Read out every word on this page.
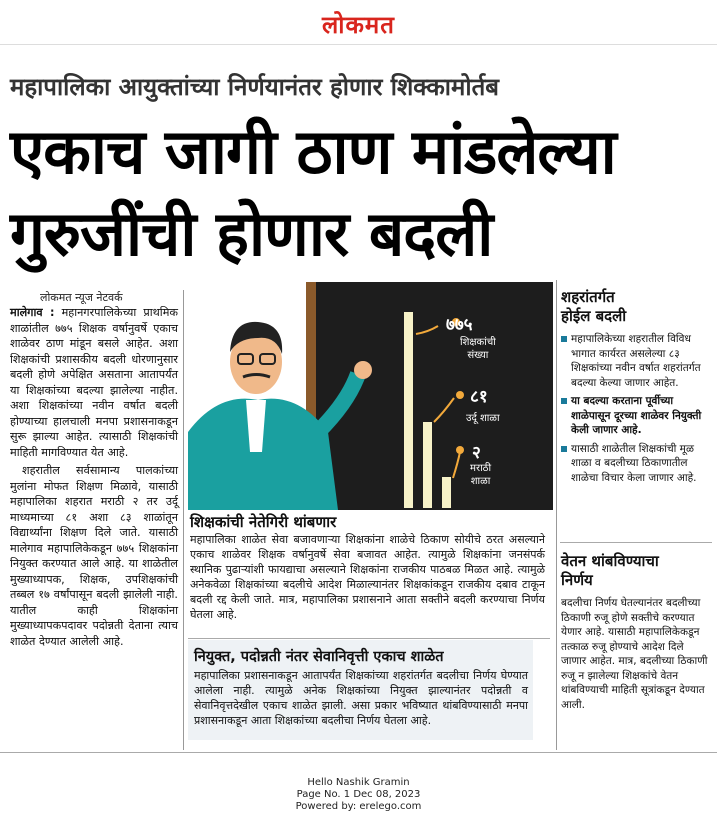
लोकमत
महापालिका आयुक्तांच्या निर्णयानंतर होणार शिक्कामोर्तब
एकाच जागी ठाण मांडलेल्या
गुरुजींची होणार बदली
लोकमत न्यूज नेटवर्क

मालेगाव : महानगरपालिकेच्या प्राथमिक शाळांतील ७७५ शिक्षक वर्षानुवर्षे एकाच शाळेवर ठाण मांडून बसले आहेत. अशा शिक्षकांची प्रशासकीय बदली धोरणानुसार बदली होणे अपेक्षित असताना आतापर्यंत या शिक्षकांच्या बदल्या झालेल्या नाहीत. अशा शिक्षकांच्या नवीन वर्षात बदली होण्याच्या हालचाली मनपा प्रशासनाकडून सुरू झाल्या आहेत. त्यासाठी शिक्षकांची माहिती मागविण्यात येत आहे.

शहरातील सर्वसामान्य पालकांच्या मुलांना मोफत शिक्षण मिळावे, यासाठी महापालिका शहरात मराठी २ तर उर्दू माध्यमाच्या ८१ अशा ८३ शाळांतून विद्यार्थ्यांना शिक्षण दिले जाते. यासाठी मालेगाव महापालिकेकडून ७७५ शिक्षकांना नियुक्त करण्यात आले आहे. या शाळेतील मुख्याध्यापक, शिक्षक, उपशिक्षकांची तब्बल १७ वर्षांपासून बदली झालेली नाही. यातील काही शिक्षकांना मुख्याध्यापकपदावर पदोन्नती देताना त्याच शाळेत देण्यात आलेली आहे.

७७५
शिक्षकांची
संख्या
८१
उर्दू शाळा
२
मराठी
शाळा
शिक्षकांची नेतेगिरी थांबणार
महापालिका शाळेत सेवा बजावणाऱ्या शिक्षकांना शाळेचे ठिकाण सोयीचे ठरत असल्याने एकाच शाळेवर शिक्षक वर्षानुवर्षे सेवा बजावत आहेत. त्यामुळे शिक्षकांना जनसंपर्क स्थानिक पुढाऱ्यांशी फायद्याचा असल्याने शिक्षकांना राजकीय पाठबळ मिळत आहे. त्यामुळे अनेकवेळा शिक्षकांच्या बदलीचे आदेश मिळाल्यानंतर शिक्षकांकडून राजकीय दबाव टाकून बदली रद्द केली जाते. मात्र, महापालिका प्रशासनाने आता सक्तीने बदली करण्याचा निर्णय घेतला आहे.
नियुक्त, पदोन्नती नंतर सेवानिवृत्ती एकाच शाळेत
महापालिका प्रशासनाकडून आतापर्यंत शिक्षकांच्या शहरांतर्गत बदलीचा निर्णय घेण्यात आलेला नाही. त्यामुळे अनेक शिक्षकांच्या नियुक्त झाल्यानंतर पदोन्नती व सेवानिवृत्तदेखील एकाच शाळेत झाली. असा प्रकार भविष्यात थांबविण्यासाठी मनपा प्रशासनाकडून आता शिक्षकांच्या बदलीचा निर्णय घेतला आहे.
शहरांतर्गत
होईल बदली
महापालिकेच्या शहरातील विविध भागात कार्यरत असलेल्या ८३ शिक्षकांच्या नवीन वर्षात शहरांतर्गत बदल्या केल्या जाणार आहेत.
या बदल्या करताना पूर्वीच्या शाळेपासून दूरच्या शाळेवर नियुक्ती केली जाणार आहे.
यासाठी शाळेतील शिक्षकांची मूळ शाळा व बदलीच्या ठिकाणातील शाळेचा विचार केला जाणार आहे.
वेतन थांबविण्याचा
निर्णय
बदलीचा निर्णय घेतल्यानंतर बदलीच्या ठिकाणी रुजू होणे सक्तीचे करण्यात येणार आहे. यासाठी महापालिकेकडून तत्काळ रुजू होण्याचे आदेश दिले जाणार आहेत. मात्र, बदलीच्या ठिकाणी रुजू न झालेल्या शिक्षकांचे वेतन थांबविण्याची माहिती सूत्रांकडून देण्यात आली.
Hello Nashik Gramin
Page No. 1 Dec 08, 2023
Powered by: erelego.com
